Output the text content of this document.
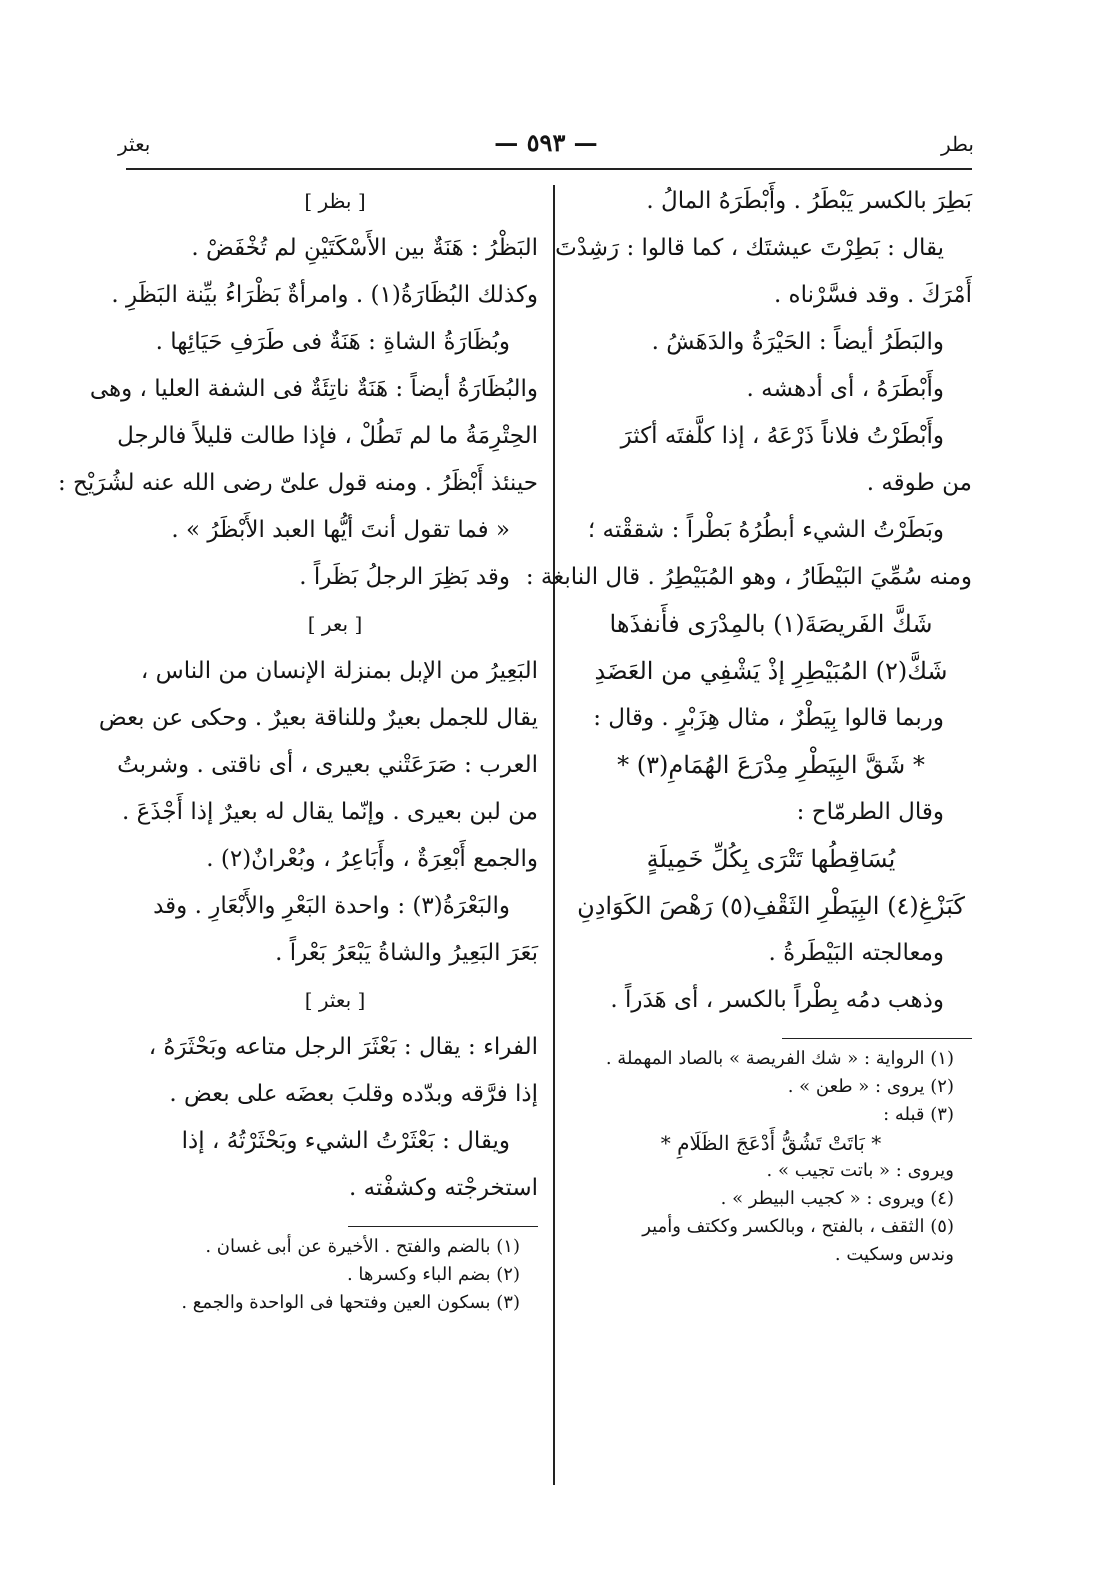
بطر
— ٥٩٣ —
بعثر
بَطِرَ بالكسر يَبْطَرُ . وأَبْطَرَهُ المالُ .
يقال : بَطِرْتَ عيشتَك ، كما قالوا : رَشِدْتَ
أَمْرَكَ . وقد فسَّرْناه .
والبَطَرُ أيضاً : الحَيْرَةُ والدَهَشُ .
وأَبْطَرَهُ ، أى أدهشه .
وأَبْطَرْتُ فلاناً ذَرْعَهُ ، إذا كلَّفتَه أكثرَ
من طوقه .
وبَطَرْتُ الشيء أبطُرُهُ بَطْراً : شققْته ؛
ومنه سُمِّيَ البَيْطَارُ ، وهو المُبَيْطِرُ . قال النابغة :
شَكَّ الفَريصَةَ(١) بالمِدْرَى فأَنفذَها
شَكَّ(٢) المُبَيْطِرِ إذْ يَشْفِي من العَضَدِ
وربما قالوا بِيَطْرٌ ، مثال هِزَبْرٍ . وقال :
* شَقَّ البِيَطْرِ مِدْرَعَ الهُمَامِ(٣) *
وقال الطرمّاح :
يُسَاقِطُها تَتْرَى بِكُلِّ خَمِيلَةٍ
كَبَزْغِ(٤) البِيَطْرِ الثَقْفِ(٥) رَهْصَ الكَوَادِنِ
ومعالجته البَيْطَرةُ .
وذهب دمُه بِطْراً بالكسر ، أى هَدَراً .
(١) الرواية : « شك الفريصة » بالصاد المهملة .
(٢) يروى : « طعن » .
(٣) قبله :
* بَاتَتْ تَشُقُّ أَدْعَجَ الظَلَامِ *
ويروى : « باتت تجيب » .
(٤) ويروى : « كجيب البيطر » .
(٥) الثقف ، بالفتح ، وبالكسر وككتف وأمير
وندس وسكيت .
[ بظر ]
البَظْرُ : هَنَةٌ بين الأَسْكَتَيْنِ لم تُخْفَضْ .
وكذلك البُظَارَةُ(١) . وامرأةٌ بَظْرَاءُ بيِّنة البَظَرِ .
وبُظَارَةُ الشاةِ : هَنَةٌ فى طَرَفِ حَيَائِها .
والبُظَارَةُ أيضاً : هَنَةٌ ناتِئَةٌ فى الشفة العليا ، وهى
الحِتْرِمَةُ ما لم تَطُلْ ، فإذا طالت قليلاً فالرجل
حينئذ أَبْظَرُ . ومنه قول علىّ رضى الله عنه لشُرَيْح :
« فما تقول أنتَ أيُّها العبد الأَبْظَرُ » .
وقد بَظِرَ الرجلُ بَظَراً .
[ بعر ]
البَعِيرُ من الإبل بمنزلة الإنسان من الناس ،
يقال للجمل بعيرٌ وللناقة بعيرٌ . وحكى عن بعض
العرب : صَرَعَتْني بعيرى ، أى ناقتى . وشربتُ
من لبن بعيرى . وإنّما يقال له بعيرٌ إذا أَجْذَعَ .
والجمع أَبْعِرَةٌ ، وأَبَاعِرُ ، وبُعْرانٌ(٢) .
والبَعْرَةُ(٣) : واحدة البَعْرِ والأَبْعَارِ . وقد
بَعَرَ البَعِيرُ والشاةُ يَبْعَرُ بَعْراً .
[ بعثر ]
الفراء : يقال : بَعْثَرَ الرجل متاعه وبَحْثَرَهُ ،
إذا فرَّقه وبدّده وقلبَ بعضَه على بعض .
ويقال : بَعْثَرْتُ الشيء وبَحْثَرْتُهُ ، إذا
استخرجْته وكشفْته .
(١) بالضم والفتح . الأخيرة عن أبى غسان .
(٢) بضم الباء وكسرها .
(٣) بسكون العين وفتحها فى الواحدة والجمع .
